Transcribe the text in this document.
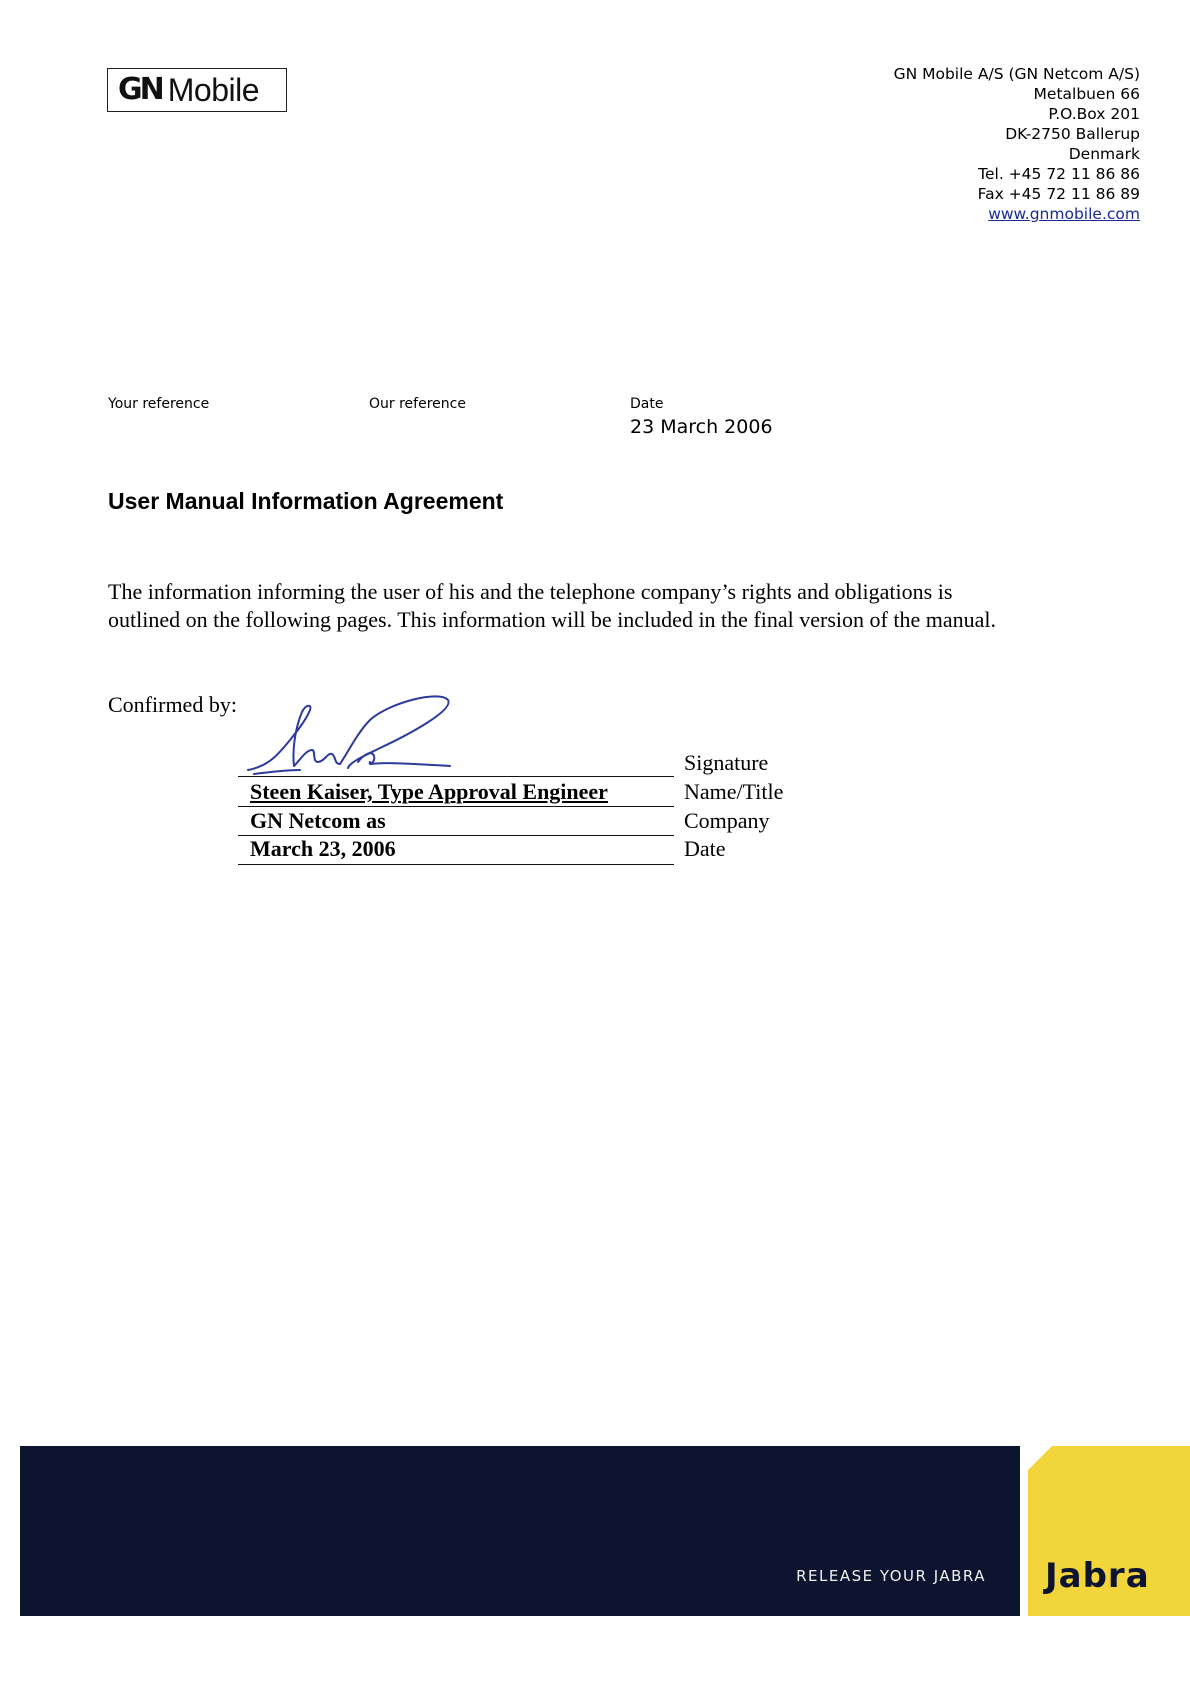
GN Mobile	GN Mobile A/S (GN Netcom A/S)
Metalbuen 66
P.O.Box 201
DK-2750 Ballerup
Denmark
Tel. +45 72 11 86 86
Fax +45 72 11 86 89
www.gnmobile.com
Your reference	Our reference	Date
23 March 2006
User Manual Information Agreement
The information informing the user of his and the telephone company’s rights and obligations is
outlined on the following pages. This information will be included in the final version of the manual.
Confirmed by:
Signature
Steen Kaiser, Type Approval Engineer	Name/Title
GN Netcom as	Company
March 23, 2006	Date
RELEASE YOUR JABRA Jabra
